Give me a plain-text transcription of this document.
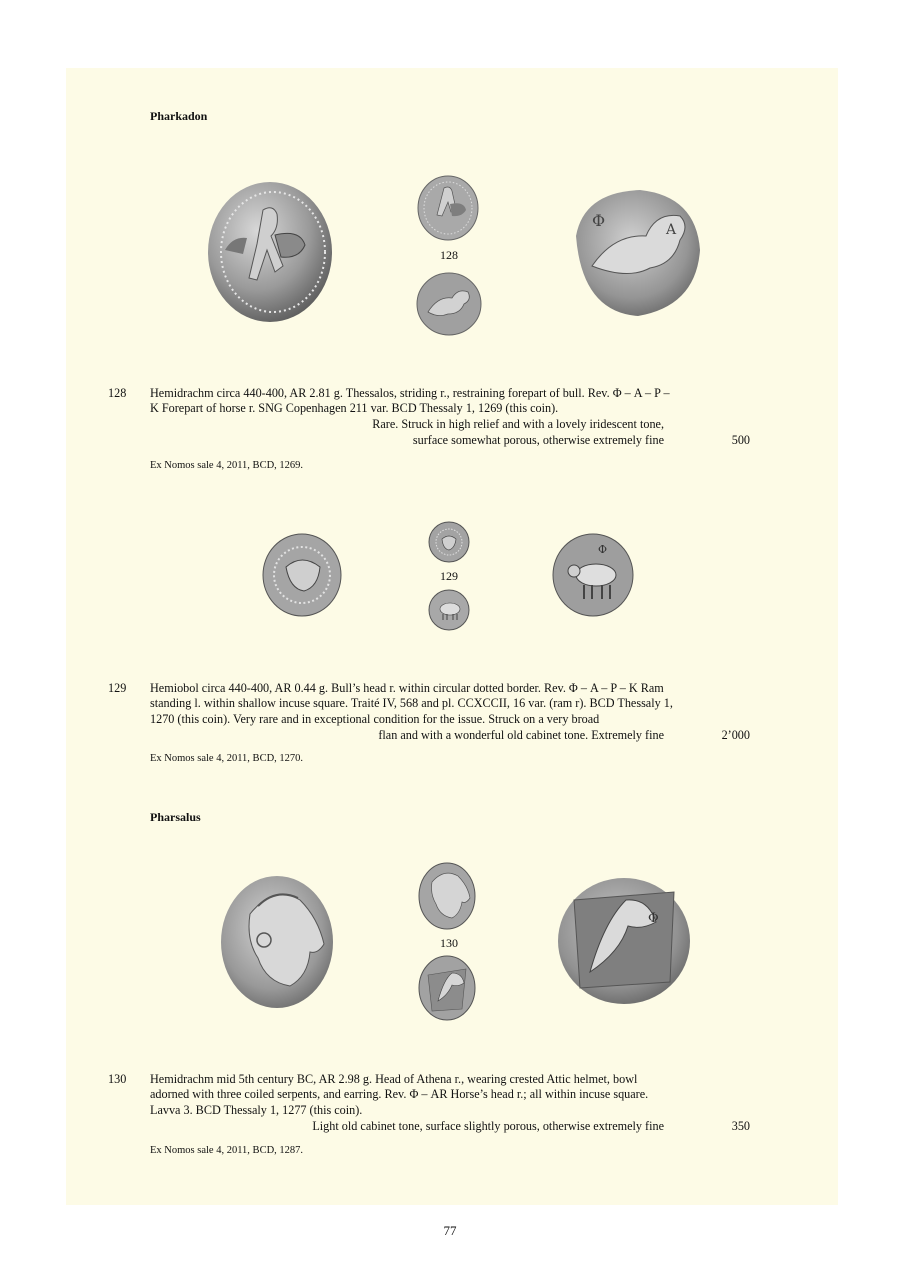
Pharkadon
128
Φ	A
128 Hemidrachm circa 440-400, AR 2.81 g. Thessalos, striding r., restraining forepart of bull. Rev. Φ – A – P –
K Forepart of horse r. SNG Copenhagen 211 var. BCD Thessaly 1, 1269 (this coin).
Rare. Struck in high relief and with a lovely iridescent tone,
surface somewhat porous, otherwise extremely fine	500
Ex Nomos sale 4, 2011, BCD, 1269.
129
Φ
129 Hemiobol circa 440-400, AR 0.44 g. Bull’s head r. within circular dotted border. Rev. Φ – A – P – K Ram
standing l. within shallow incuse square. Traité IV, 568 and pl. CCXCCII, 16 var. (ram r). BCD Thessaly 1,
1270 (this coin). Very rare and in exceptional condition for the issue. Struck on a very broad
flan and with a wonderful old cabinet tone. Extremely fine	2’000
Ex Nomos sale 4, 2011, BCD, 1270.
Pharsalus
130
Φ
130 Hemidrachm mid 5th century BC, AR 2.98 g. Head of Athena r., wearing crested Attic helmet, bowl
adorned with three coiled serpents, and earring. Rev. Φ – AR Horse’s head r.; all within incuse square.
Lavva 3. BCD Thessaly 1, 1277 (this coin).
Light old cabinet tone, surface slightly porous, otherwise extremely fine	350
Ex Nomos sale 4, 2011, BCD, 1287.
77
